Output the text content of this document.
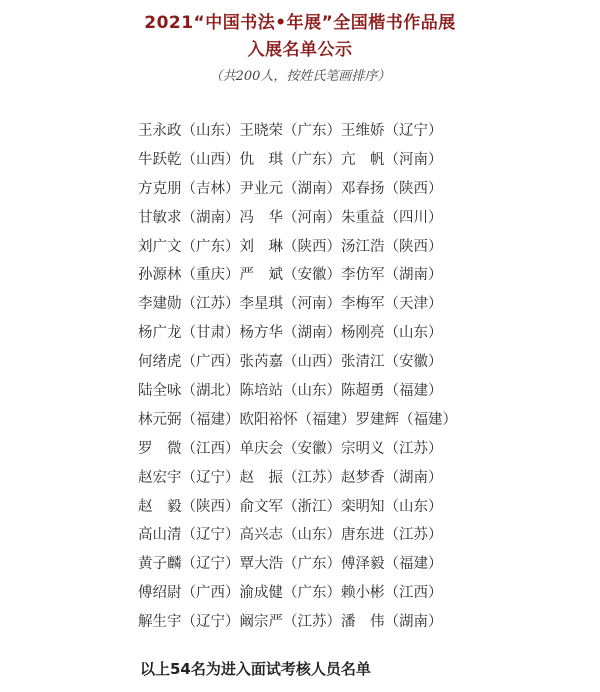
2021“中国书法•年展”全国楷书作品展
入展名单公示
（共200人，按姓氏笔画排序）
王永政（山东）王晓荣（广东）王维娇（辽宁）
牛跃乾（山西）仇　琪（广东）亢　帆（河南）
方克朋（吉林）尹业元（湖南）邓春扬（陕西）
甘敏求（湖南）冯　华（河南）朱重益（四川）
刘广文（广东）刘　琳（陕西）汤江浩（陕西）
孙源林（重庆）严　斌（安徽）李仿军（湖南）
李建勋（江苏）李星琪（河南）李梅军（天津）
杨广龙（甘肃）杨方华（湖南）杨刚亮（山东）
何绪虎（广西）张芮嘉（山西）张清江（安徽）
陆全咏（湖北）陈培站（山东）陈超勇（福建）
林元弼（福建）欧阳裕怀（福建）罗建辉（福建）
罗　微（江西）单庆会（安徽）宗明义（江苏）
赵宏宇（辽宁）赵　振（江苏）赵梦香（湖南）
赵　毅（陕西）俞文军（浙江）栾明知（山东）
高山清（辽宁）高兴志（山东）唐东进（江苏）
黄子麟（辽宁）覃大浩（广东）傅泽毅（福建）
傅绍尉（广西）渝成健（广东）赖小彬（江西）
解生宇（辽宁）阚宗严（江苏）潘　伟（湖南）
以上54名为进入面试考核人员名单
